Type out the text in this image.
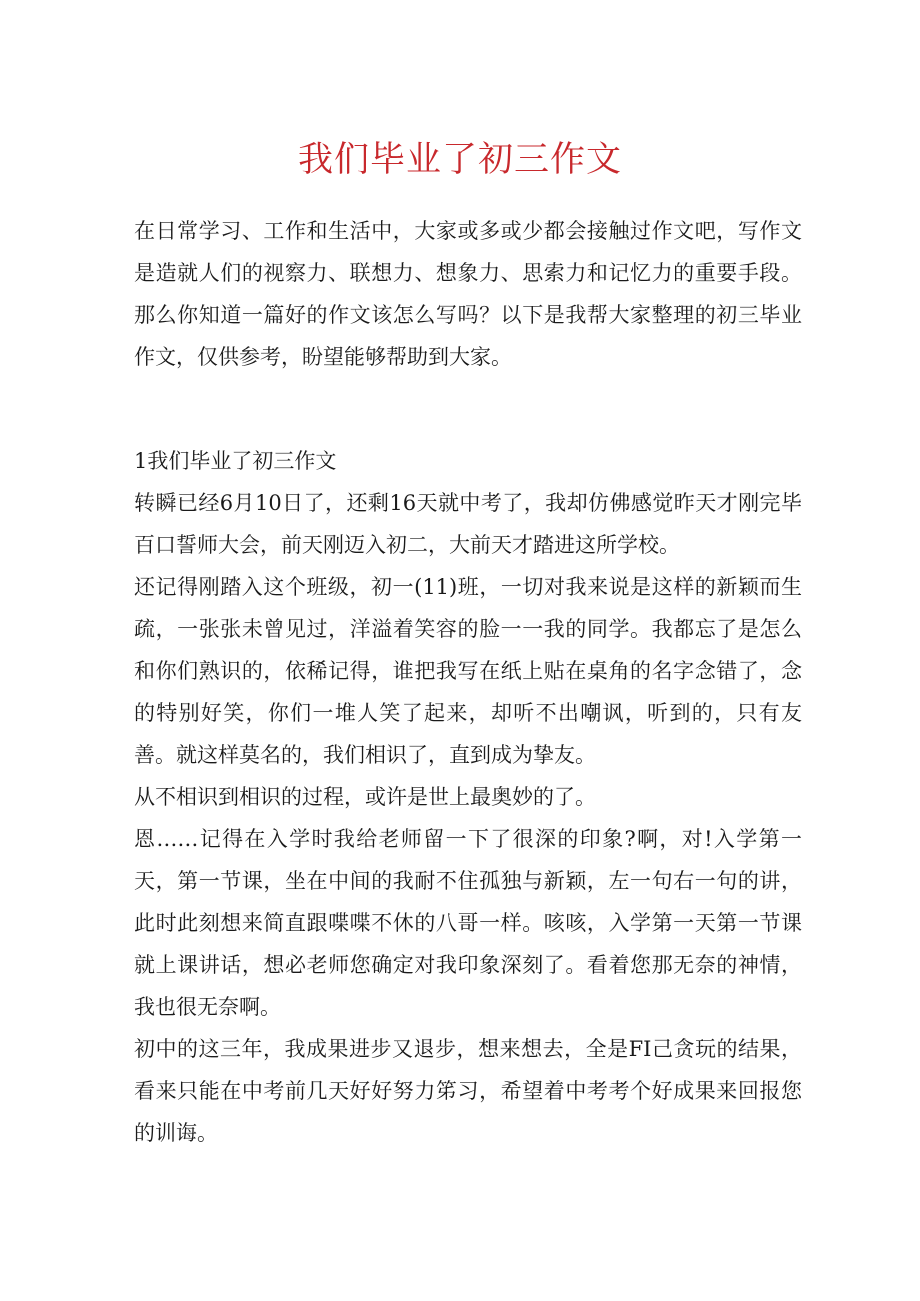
我们毕业了初三作文

在日常学习、工作和生活中，大家或多或少都会接触过作文吧，写作文是造就人们的视察力、联想力、想象力、思索力和记忆力的重要手段。那么你知道一篇好的作文该怎么写吗？以下是我帮大家整理的初三毕业作文，仅供参考，盼望能够帮助到大家。

1我们毕业了初三作文

转瞬已经6月10日了，还剩16天就中考了，我却仿佛感觉昨天才刚完毕百口誓师大会，前天刚迈入初二，大前天才踏进这所学校。

还记得刚踏入这个班级，初一(11)班，一切对我来说是这样的新颖而生疏，一张张未曾见过，洋溢着笑容的脸一一我的同学。我都忘了是怎么和你们熟识的，依稀记得，谁把我写在纸上贴在桌角的名字念错了，念的特别好笑，你们一堆人笑了起来，却听不出嘲讽，听到的，只有友善。就这样莫名的，我们相识了，直到成为挚友。

从不相识到相识的过程，或许是世上最奥妙的了。

恩……记得在入学时我给老师留一下了很深的印象?啊，对!入学第一天，第一节课，坐在中间的我耐不住孤独与新颖，左一句右一句的讲，此时此刻想来简直跟喋喋不休的八哥一样。咳咳，入学第一天第一节课就上课讲话，想必老师您确定对我印象深刻了。看着您那无奈的神情，我也很无奈啊。

初中的这三年，我成果进步又退步，想来想去，全是FI己贪玩的结果，看来只能在中考前几天好好努力笫习，希望着中考考个好成果来回报您的训诲。
